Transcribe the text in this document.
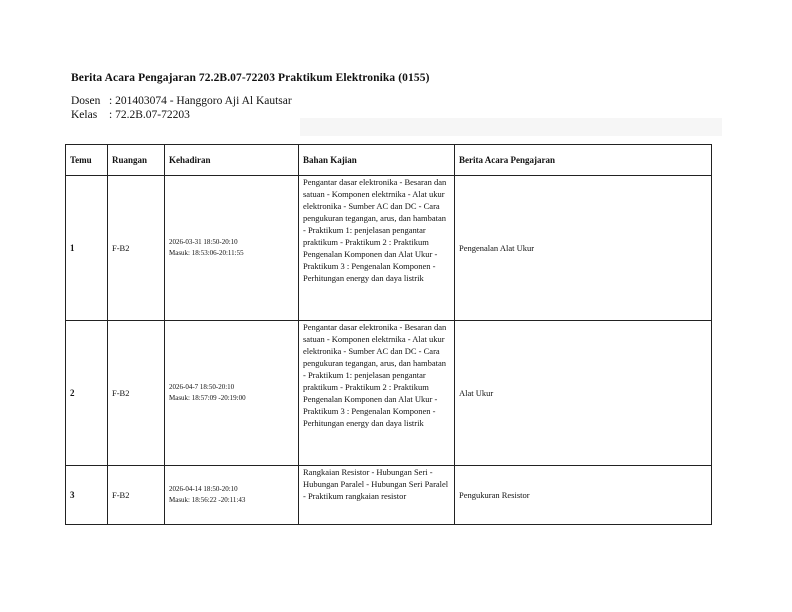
Berita Acara Pengajaran 72.2B.07-72203 Praktikum Elektronika (0155)
Dosen : 201403074 - Hanggoro Aji Al Kautsar
Kelas : 72.2B.07-72203
Temu	Ruangan	Kehadiran	Bahan Kajian	Berita Acara Pengajaran
1	F-B2	2026-03-31 18:50-20:10
Masuk: 18:53:06-20:11:55	Pengantar dasar elektronika - Besaran dan satuan - Komponen elektrnika - Alat ukur elektronika - Sumber AC dan DC - Cara pengukuran tegangan, arus, dan hambatan - Praktikum 1: penjelasan pengantar praktikum - Praktikum 2 : Praktikum Pengenalan Komponen dan Alat Ukur - Praktikum 3 : Pengenalan Komponen - Perhitungan energy dan daya listrik	Pengenalan Alat Ukur
2	F-B2	2026-04-7 18:50-20:10
Masuk: 18:57:09 -20:19:00	Pengantar dasar elektronika - Besaran dan satuan - Komponen elektrnika - Alat ukur elektronika - Sumber AC dan DC - Cara pengukuran tegangan, arus, dan hambatan - Praktikum 1: penjelasan pengantar praktikum - Praktikum 2 : Praktikum Pengenalan Komponen dan Alat Ukur - Praktikum 3 : Pengenalan Komponen - Perhitungan energy dan daya listrik	Alat Ukur
3	F-B2	2026-04-14 18:50-20:10
Masuk: 18:56:22 -20:11:43	Rangkaian Resistor - Hubungan Seri - Hubungan Paralel - Hubungan Seri Paralel - Praktikum rangkaian resistor	Pengukuran Resistor
